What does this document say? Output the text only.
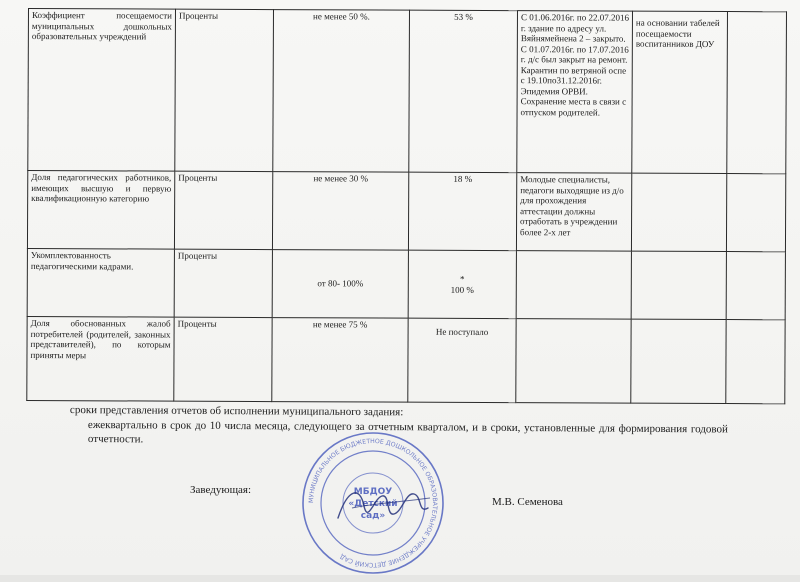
Коэффициент посещаемости муниципальных дошкольных образовательных учреждений	Проценты	не менее 50 %.	53 %	С 01.06.2016г. по 22.07.2016 г. здание по адресу ул. Вяйнямейнена 2 – закрыто.
С 01.07.2016г. по 17.07.2016 г. д/с был закрыт на ремонт.
Карантин по ветряной оспе с 19.10по31.12.2016г.
Эпидемия ОРВИ.
Сохранение места в связи с отпуском родителей.	на основании табелей посещаемости воспитанников ДОУ	
Доля педагогических работников, имеющих высшую и первую квалификационную категорию	Проценты	не менее 30 %	18 %	Молодые специалисты, педагоги выходящие из д/о для прохождения аттестации должны отработать в учреждении более 2-х лет		
Укомплектованность педагогическими кадрами.	Проценты	от 80- 100%	*
100 %			

Доля обоснованных жалоб потребителей (родителей, законных представителей), по которым приняты меры	Проценты	не менее 75 %	Не поступало			
сроки представления отчетов об исполнении муниципального задания:
ежеквартально в срок до 10 числа месяца, следующего за отчетным кварталом, и в сроки, установленные для формирования годовой
отчетности.
Заведующая:
М.В. Семенова
МУНИЦИПАЛЬНОЕ БЮДЖЕТНОЕ ДОШКОЛЬНОЕ ОБРАЗОВАТЕЛЬНОЕ УЧРЕЖДЕНИЕ ДЕТСКИЙ САД
МБДОУ
«Детский
сад»
